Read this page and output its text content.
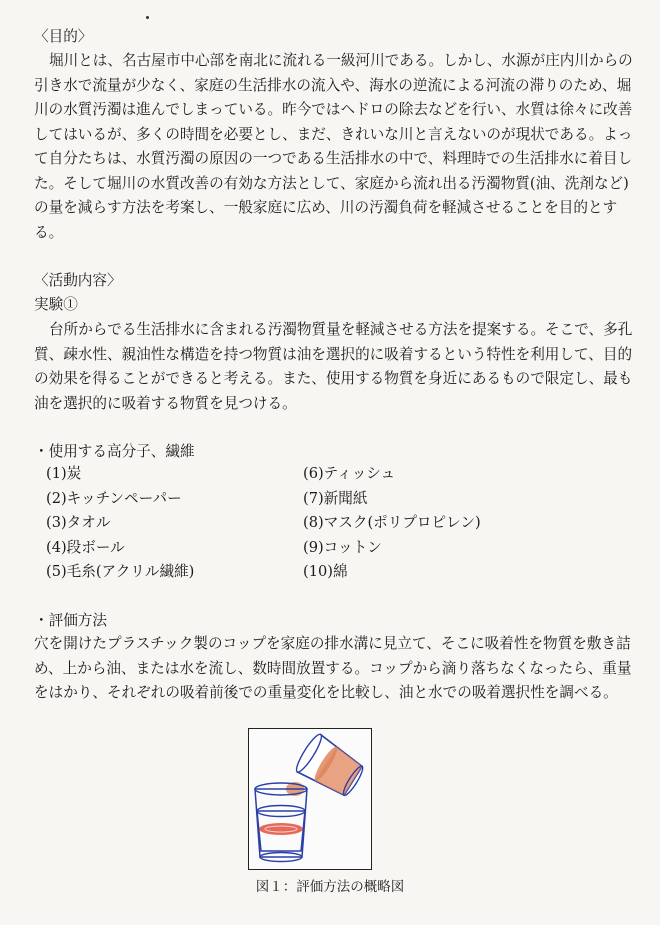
〈目的〉
堀川とは、名古屋市中心部を南北に流れる一級河川である。しかし、水源が庄内川からの引き水で流量が少なく、家庭の生活排水の流入や、海水の逆流による河流の滞りのため、堀川の水質汚濁は進んでしまっている。昨今ではヘドロの除去などを行い、水質は徐々に改善してはいるが、多くの時間を必要とし、まだ、きれいな川と言えないのが現状である。よって自分たちは、水質汚濁の原因の一つである生活排水の中で、料理時での生活排水に着目した。そして堀川の水質改善の有効な方法として、家庭から流れ出る汚濁物質(油、洗剤など)の量を減らす方法を考案し、一般家庭に広め、川の汚濁負荷を軽減させることを目的とする。
〈活動内容〉
実験①
台所からでる生活排水に含まれる汚濁物質量を軽減させる方法を提案する。そこで、多孔質、疎水性、親油性な構造を持つ物質は油を選択的に吸着するという特性を利用して、目的の効果を得ることができると考える。また、使用する物質を身近にあるもので限定し、最も油を選択的に吸着する物質を見つける。
・使用する高分子、繊維
(1)炭
(2)キッチンペーパー
(3)タオル
(4)段ボール
(5)毛糸(アクリル繊維)
(6)ティッシュ
(7)新聞紙
(8)マスク(ポリプロピレン)
(9)コットン
(10)綿
・評価方法
穴を開けたプラスチック製のコップを家庭の排水溝に見立て、そこに吸着性を物質を敷き詰め、上から油、または水を流し、数時間放置する。コップから滴り落ちなくなったら、重量をはかり、それぞれの吸着前後での重量変化を比較し、油と水での吸着選択性を調べる。
図１：評価方法の概略図
